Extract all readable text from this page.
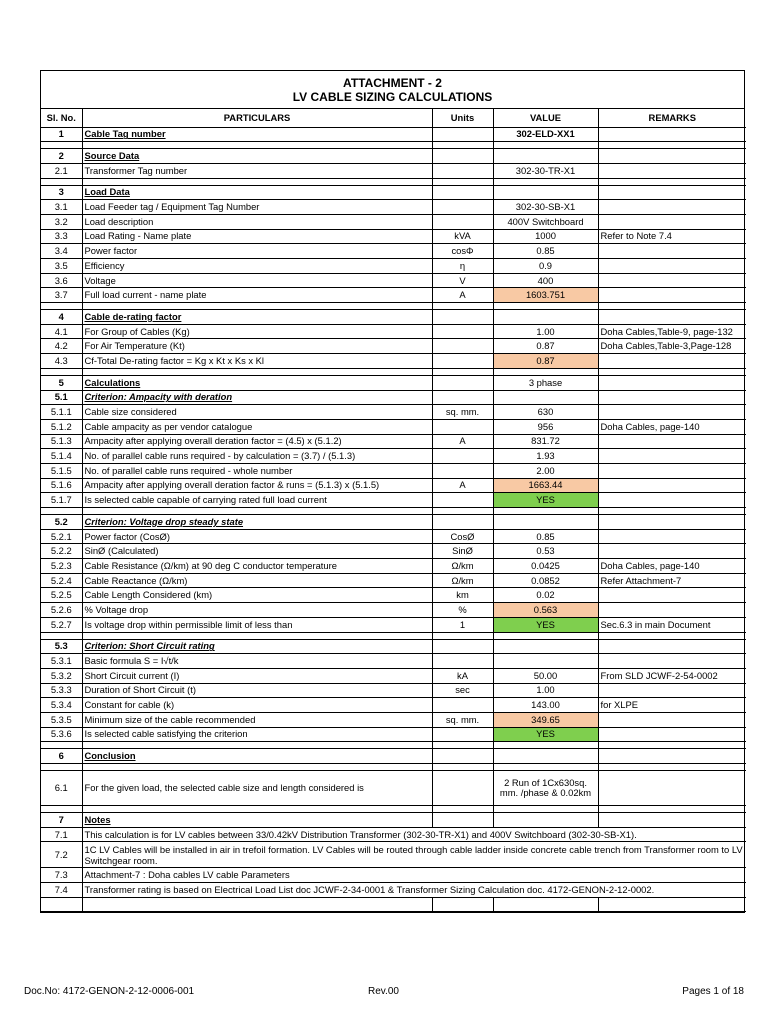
ATTACHMENT - 2
LV CABLE SIZING CALCULATIONS
Sl. No.	PARTICULARS	Units	VALUE	REMARKS
1	Cable Tag number		302-ELD-XX1	

2	Source Data			
2.1	Transformer Tag number		302-30-TR-X1	

3	Load Data			
3.1	Load Feeder tag / Equipment Tag Number		302-30-SB-X1	
3.2	Load description		400V Switchboard	
3.3	Load Rating - Name plate	kVA	1000	Refer to Note 7.4
3.4	Power factor	cosΦ	0.85	
3.5	Efficiency	η	0.9	
3.6	Voltage	V	400	
3.7	Full load current - name plate	A	1603.751	

4	Cable de-rating factor			
4.1	For Group of Cables (Kg)		1.00	Doha Cables,Table-9, page-132
4.2	For Air Temperature (Kt)		0.87	Doha Cables,Table-3,Page-128
4.3	Cf-Total De-rating factor = Kg x Kt x Ks x Kl		0.87	

5	Calculations		3 phase	
5.1	Criterion: Ampacity with deration			
5.1.1	Cable size considered	sq. mm.	630	
5.1.2	Cable ampacity as per vendor catalogue		956	Doha Cables, page-140
5.1.3	Ampacity after applying overall deration factor = (4.5) x (5.1.2)	A	831.72	
5.1.4	No. of parallel cable runs required - by calculation = (3.7) / (5.1.3)		1.93	
5.1.5	No. of parallel cable runs required - whole number		2.00	
5.1.6	Ampacity after applying overall deration factor & runs = (5.1.3) x (5.1.5)	A	1663.44	
5.1.7	Is selected cable capable of carrying rated full load current		YES	

5.2	Criterion: Voltage drop steady state			
5.2.1	Power factor (CosØ)	CosØ	0.85	
5.2.2	SinØ (Calculated)	SinØ	0.53	
5.2.3	Cable Resistance (Ω/km) at 90 deg C conductor temperature	Ω/km	0.0425	Doha Cables, page-140
5.2.4	Cable Reactance (Ω/km)	Ω/km	0.0852	Refer Attachment-7
5.2.5	Cable Length Considered (km)	km	0.02	
5.2.6	% Voltage drop	%	0.563	
5.2.7	Is voltage drop within permissible limit of less than	1	YES	Sec.6.3 in main Document

5.3	Criterion: Short Circuit rating			
5.3.1	Basic formula S = I√t/k			
5.3.2	Short Circuit current (I)	kA	50.00	From SLD JCWF-2-54-0002
5.3.3	Duration of Short Circuit (t)	sec	1.00	
5.3.4	Constant for cable (k)		143.00	for XLPE
5.3.5	Minimum size of the cable recommended	sq. mm.	349.65	
5.3.6	Is selected cable satisfying the criterion		YES	

6	Conclusion			

6.1	For the given load, the selected cable size and length considered is		2 Run of 1Cx630sq. mm. /phase & 0.02km	

7	Notes			
7.1	This calculation is for LV cables between 33/0.42kV Distribution Transformer (302-30-TR-X1) and 400V Switchboard (302-30-SB-X1).			
7.2	1C LV Cables will be installed in air in trefoil formation. LV Cables will be routed through cable ladder inside concrete cable trench from Transformer room to LV Switchgear room.			
7.3	Attachment-7 : Doha cables LV cable Parameters			
7.4	Transformer rating is based on Electrical Load List doc JCWF-2-34-0001 & Transformer Sizing Calculation doc. 4172-GENON-2-12-0002.			

Doc.No: 4172-GENON-2-12-0006-001	Rev.00	Pages 1 of 18
